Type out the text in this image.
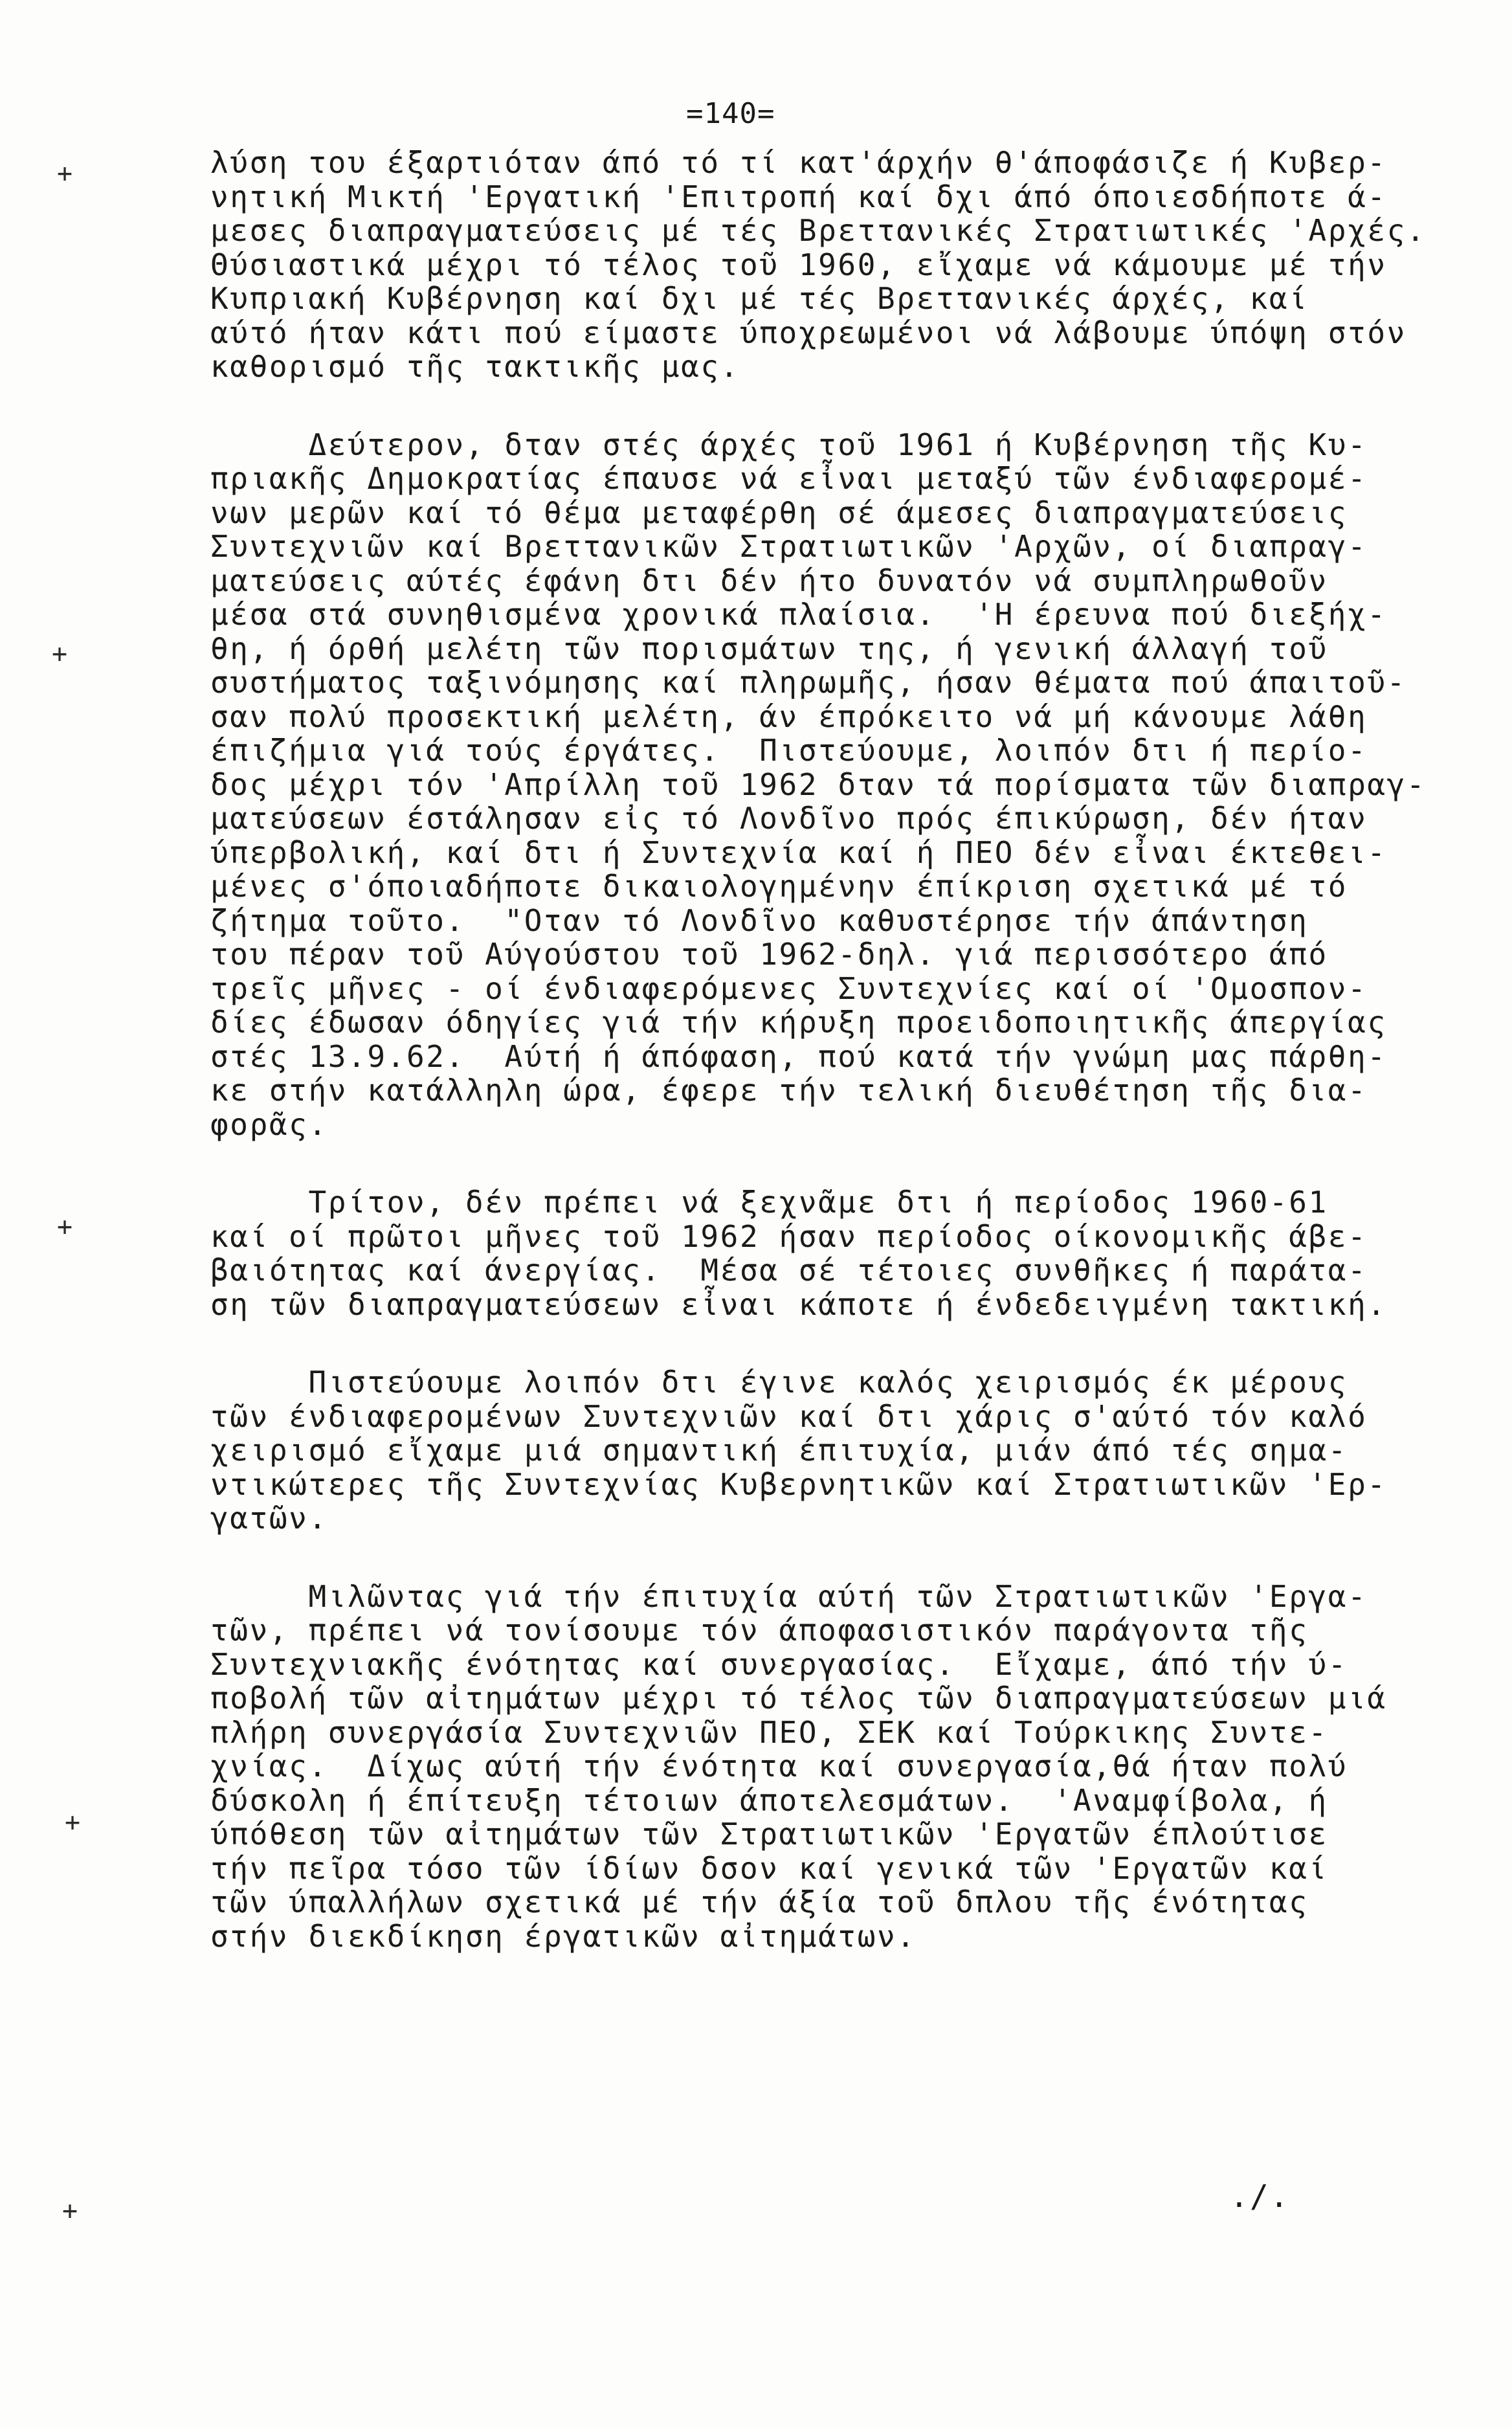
=140=
λύση του έξαρτιόταν άπό τό τί κατ'άρχήν θ'άποφάσιζε ή Κυβερ-
νητική Μικτή 'Εργατική 'Επιτροπή καί δχι άπό όποιεσδήποτε ά-
μεσες διαπραγματεύσεις μέ τές Βρεττανικές Στρατιωτικές 'Αρχές.
Θύσιαστικά μέχρι τό τέλος τοῦ 1960, εἴχαμε νά κάμουμε μέ τήν
Κυπριακή Κυβέρνηση καί δχι μέ τές Βρεττανικές άρχές, καί
αύτό ήταν κάτι πού είμαστε ύποχρεωμένοι νά λάβουμε ύπόψη στόν
καθορισμό τῆς τακτικῆς μας.
Δεύτερον, δταν στές άρχές τοῦ 1961 ή Κυβέρνηση τῆς Κυ-
πριακῆς Δημοκρατίας έπαυσε νά εἶναι μεταξύ τῶν ένδιαφερομέ-
νων μερῶν καί τό θέμα μεταφέρθη σέ άμεσες διαπραγματεύσεις
Συντεχνιῶν καί Βρεττανικῶν Στρατιωτικῶν 'Αρχῶν, οί διαπραγ-
ματεύσεις αύτές έφάνη δτι δέν ήτο δυνατόν νά συμπληρωθοῦν
μέσα στά συνηθισμένα χρονικά πλαίσια.  'Η έρευνα πού διεξήχ-
θη, ή όρθή μελέτη τῶν πορισμάτων της, ή γενική άλλαγή τοῦ
συστήματος ταξινόμησης καί πληρωμῆς, ήσαν θέματα πού άπαιτοῦ-
σαν πολύ προσεκτική μελέτη, άν έπρόκειτο νά μή κάνουμε λάθη
έπιζήμια γιά τούς έργάτες.  Πιστεύουμε, λοιπόν δτι ή περίο-
δος μέχρι τόν 'Απρίλλη τοῦ 1962 δταν τά πορίσματα τῶν διαπραγ-
ματεύσεων έστάλησαν εἰς τό Λονδῖνο πρός έπικύρωση, δέν ήταν
ύπερβολική, καί δτι ή Συντεχνία καί ή ΠΕΟ δέν εἶναι έκτεθει-
μένες σ'όποιαδήποτε δικαιολογημένην έπίκριση σχετικά μέ τό
ζήτημα τοῦτο.  "Οταν τό Λονδῖνο καθυστέρησε τήν άπάντηση
του πέραν τοῦ Αύγούστου τοῦ 1962-δηλ. γιά περισσότερο άπό
τρεῖς μῆνες - οί ένδιαφερόμενες Συντεχνίες καί οί 'Ομοσπον-
δίες έδωσαν όδηγίες γιά τήν κήρυξη προειδοποιητικῆς άπεργίας
στές 13.9.62.  Αύτή ή άπόφαση, πού κατά τήν γνώμη μας πάρθη-
κε στήν κατάλληλη ώρα, έφερε τήν τελική διευθέτηση τῆς δια-
φορᾶς.
Τρίτον, δέν πρέπει νά ξεχνᾶμε δτι ή περίοδος 1960-61
καί οί πρῶτοι μῆνες τοῦ 1962 ήσαν περίοδος οίκονομικῆς άβε-
βαιότητας καί άνεργίας.  Μέσα σέ τέτοιες συνθῆκες ή παράτα-
ση τῶν διαπραγματεύσεων εἶναι κάποτε ή ένδεδειγμένη τακτική.
Πιστεύουμε λοιπόν δτι έγινε καλός χειρισμός έκ μέρους
τῶν ένδιαφερομένων Συντεχνιῶν καί δτι χάρις σ'αύτό τόν καλό
χειρισμό εἴχαμε μιά σημαντική έπιτυχία, μιάν άπό τές σημα-
ντικώτερες τῆς Συντεχνίας Κυβερνητικῶν καί Στρατιωτικῶν 'Ερ-
γατῶν.
Μιλῶντας γιά τήν έπιτυχία αύτή τῶν Στρατιωτικῶν 'Εργα-
τῶν, πρέπει νά τονίσουμε τόν άποφασιστικόν παράγοντα τῆς
Συντεχνιακῆς ένότητας καί συνεργασίας.  Εἴχαμε, άπό τήν ύ-
ποβολή τῶν αἰτημάτων μέχρι τό τέλος τῶν διαπραγματεύσεων μιά
πλήρη συνεργάσία Συντεχνιῶν ΠΕΟ, ΣΕΚ καί Τούρκικης Συντε-
χνίας.  Δίχως αύτή τήν ένότητα καί συνεργασία,θά ήταν πολύ
δύσκολη ή έπίτευξη τέτοιων άποτελεσμάτων.  'Αναμφίβολα, ή
ύπόθεση τῶν αἰτημάτων τῶν Στρατιωτικῶν 'Εργατῶν έπλούτισε
τήν πεῖρα τόσο τῶν ίδίων δσον καί γενικά τῶν 'Εργατῶν καί
τῶν ύπαλλήλων σχετικά μέ τήν άξία τοῦ δπλου τῆς ένότητας
στήν διεκδίκηση έργατικῶν αἰτημάτων.
+
+
+
+
+	./.
